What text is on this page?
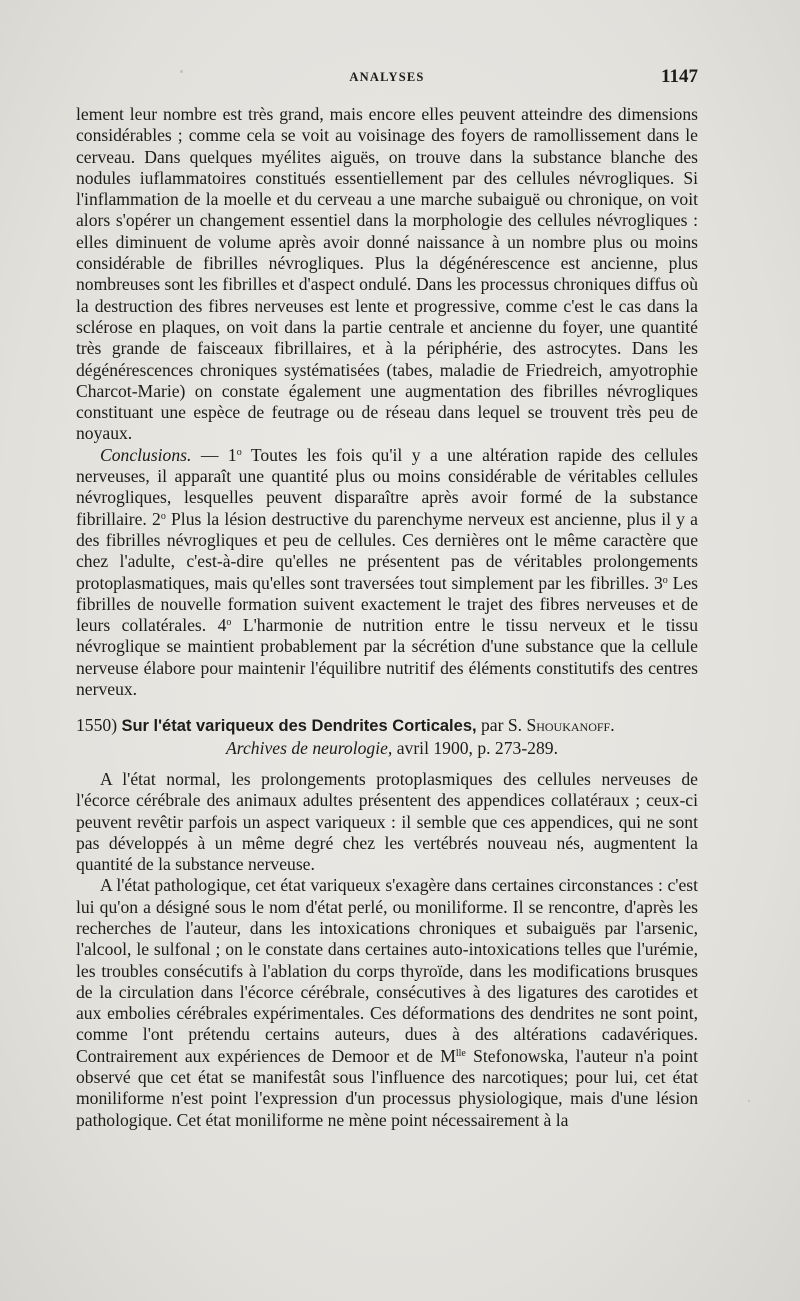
ANALYSES	1147

lement leur nombre est très grand, mais encore elles peuvent atteindre des dimensions considérables ; comme cela se voit au voisinage des foyers de ramollissement dans le cerveau. Dans quelques myélites aiguës, on trouve dans la substance blanche des nodules iuflammatoires constitués essentiellement par des cellules névrogliques. Si l'inflammation de la moelle et du cerveau a une marche subaiguë ou chronique, on voit alors s'opérer un changement essentiel dans la morphologie des cellules névrogliques : elles diminuent de volume après avoir donné naissance à un nombre plus ou moins considérable de fibrilles névrogliques. Plus la dégénérescence est ancienne, plus nombreuses sont les fibrilles et d'aspect ondulé. Dans les processus chroniques diffus où la destruction des fibres nerveuses est lente et progressive, comme c'est le cas dans la sclérose en plaques, on voit dans la partie centrale et ancienne du foyer, une quantité très grande de faisceaux fibrillaires, et à la périphérie, des astrocytes. Dans les dégénérescences chroniques systématisées (tabes, maladie de Friedreich, amyotrophie Charcot-Marie) on constate également une augmentation des fibrilles névrogliques constituant une espèce de feutrage ou de réseau dans lequel se trouvent très peu de noyaux.

Conclusions. — 1$^o$ Toutes les fois qu'il y a une altération rapide des cellules nerveuses, il apparaît une quantité plus ou moins considérable de véritables cellules névrogliques, lesquelles peuvent disparaître après avoir formé de la substance fibrillaire. 2$^o$ Plus la lésion destructive du parenchyme nerveux est ancienne, plus il y a des fibrilles névrogliques et peu de cellules. Ces dernières ont le même caractère que chez l'adulte, c'est-à-dire qu'elles ne présentent pas de véritables prolongements protoplasmatiques, mais qu'elles sont traversées tout simplement par les fibrilles. 3$^o$ Les fibrilles de nouvelle formation suivent exactement le trajet des fibres nerveuses et de leurs collatérales. 4$^o$ L'harmonie de nutrition entre le tissu nerveux et le tissu névroglique se maintient probablement par la sécrétion d'une substance que la cellule nerveuse élabore pour maintenir l'équilibre nutritif des éléments constitutifs des centres nerveux.

1550) Sur l'état variqueux des Dendrites Corticales, par S. Shoukanoff.

Archives de neurologie, avril 1900, p. 273-289.

A l'état normal, les prolongements protoplasmiques des cellules nerveuses de l'écorce cérébrale des animaux adultes présentent des appendices collatéraux ; ceux-ci peuvent revêtir parfois un aspect variqueux : il semble que ces appendices, qui ne sont pas développés à un même degré chez les vertébrés nouveau nés, augmentent la quantité de la substance nerveuse.

A l'état pathologique, cet état variqueux s'exagère dans certaines circonstances : c'est lui qu'on a désigné sous le nom d'état perlé, ou moniliforme. Il se rencontre, d'après les recherches de l'auteur, dans les intoxications chroniques et subaiguës par l'arsenic, l'alcool, le sulfonal ; on le constate dans certaines auto-intoxications telles que l'urémie, les troubles consécutifs à l'ablation du corps thyroïde, dans les modifications brusques de la circulation dans l'écorce cérébrale, consécutives à des ligatures des carotides et aux embolies cérébrales expérimentales. Ces déformations des dendrites ne sont point, comme l'ont prétendu certains auteurs, dues à des altérations cadavériques. Contrairement aux expériences de Demoor et de $M^{lle}$ Stefonowska, l'auteur n'a point observé que cet état se manifestât sous l'influence des narcotiques; pour lui, cet état moniliforme n'est point l'expression d'un processus physiologique, mais d'une lésion pathologique. Cet état moniliforme ne mène point nécessairement à la
